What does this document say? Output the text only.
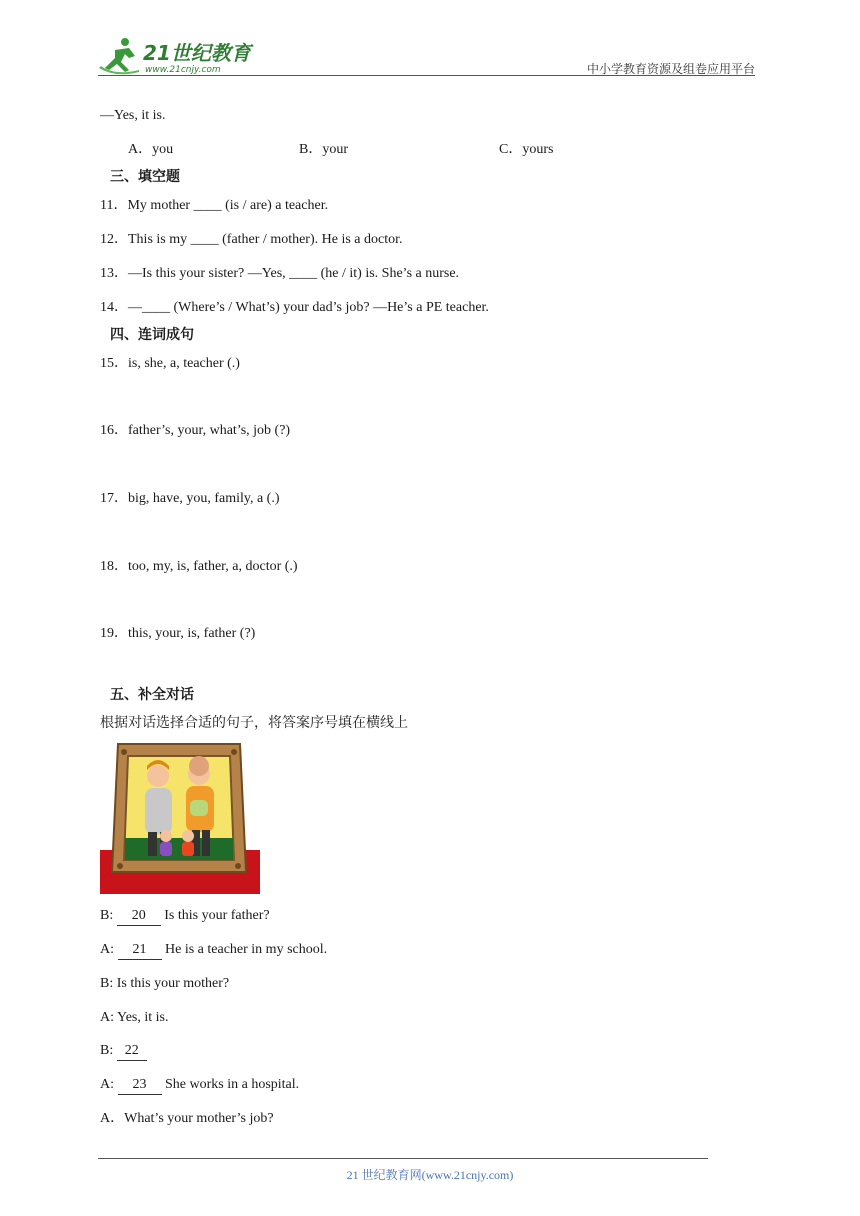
21世纪教育
www.21cnjy.com	中小学教育资源及组卷应用平台
—Yes, it is.
A．you	B．your	C．yours
三、填空题
11．My mother ____ (is / are) a teacher.
12．This is my ____ (father / mother). He is a doctor.
13．—Is this your sister? —Yes, ____ (he / it) is. She’s a nurse.
14．—____ (Where’s / What’s) your dad’s job? —He’s a PE teacher.
四、连词成句
15．is, she, a, teacher (.)
16．father’s, your, what’s, job (?)
17．big, have, you, family, a (.)
18．too, my, is, father, a, doctor (.)
19．this, your, is, father (?)
五、补全对话
根据对话选择合适的句子，将答案序号填在横线上
B: 20 Is this your father?
A: 21 He is a teacher in my school.
B: Is this your mother?
A: Yes, it is.
B: 22
A: 23 She works in a hospital.
A．What’s your mother’s job?
21 世纪教育网(www.21cnjy.com)
